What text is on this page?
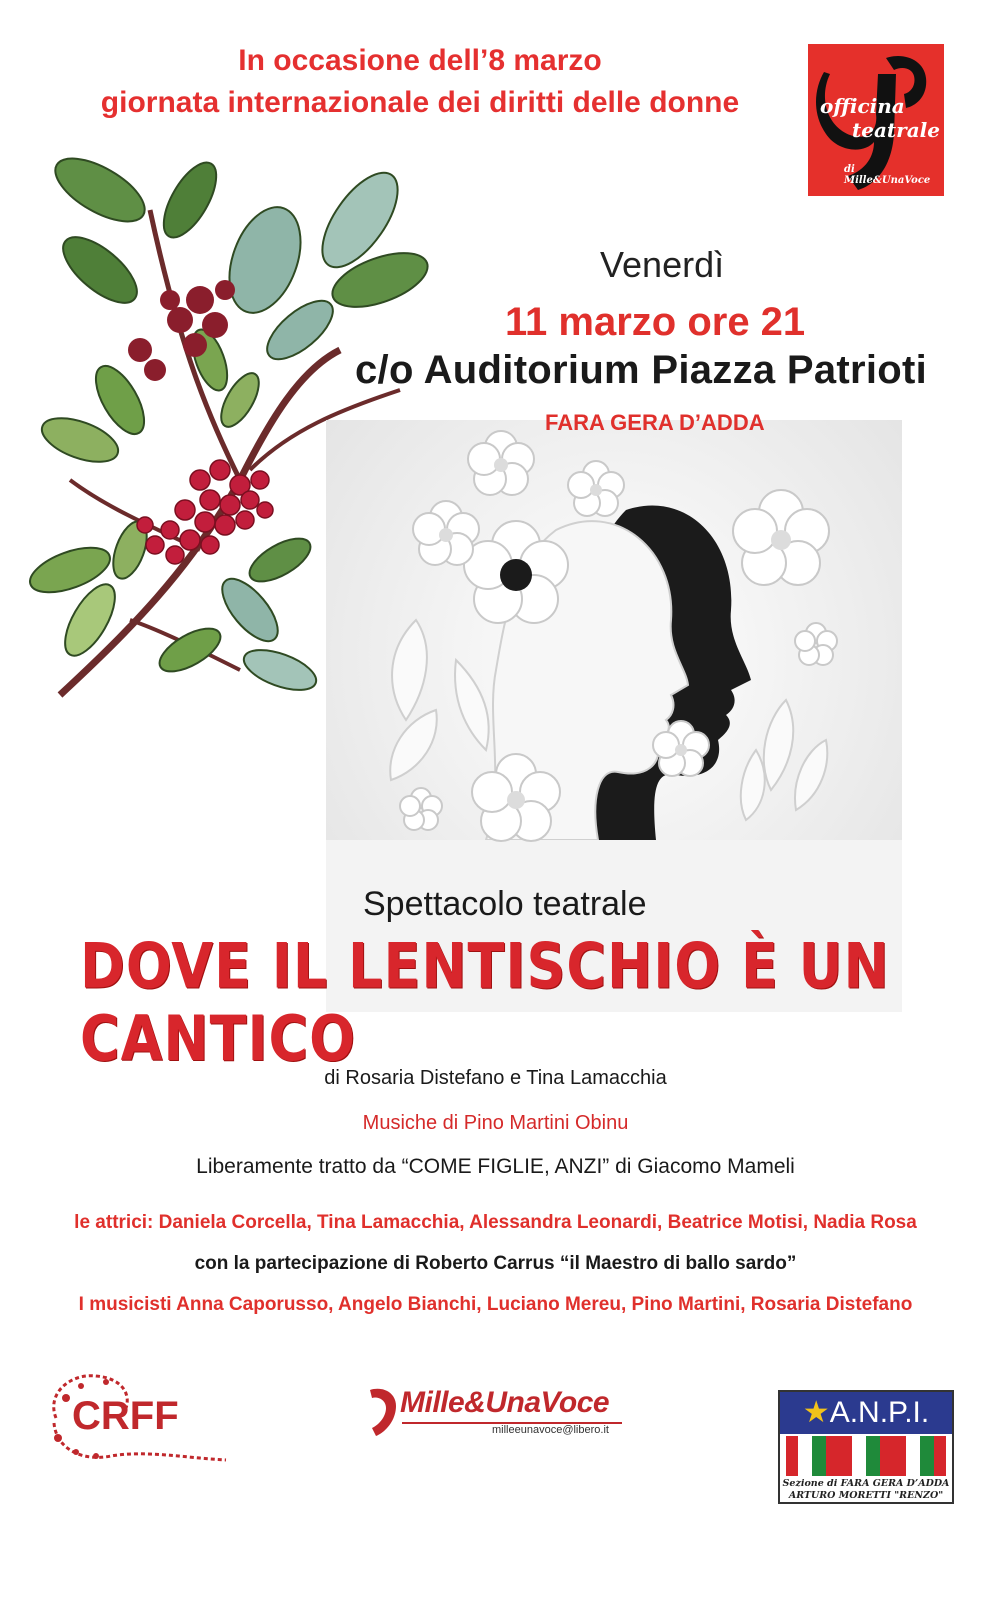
In occasione dell’8 marzo
giornata internazionale dei diritti delle donne	officina
teatrale
di Mille&UnaVoce
Venerdì
11 marzo ore 21
c/o Auditorium Piazza Patrioti
FARA GERA D’ADDA
Spettacolo teatrale
DOVE IL LENTISCHIO È UN CANTICO
di Rosaria Distefano e Tina Lamacchia
Musiche di Pino Martini Obinu
Liberamente tratto da “COME FIGLIE, ANZI” di Giacomo Mameli
le attrici: Daniela Corcella, Tina Lamacchia, Alessandra Leonardi, Beatrice Motisi, Nadia Rosa
con la partecipazione di Roberto Carrus “il Maestro di ballo sardo”
I musicisti Anna Caporusso, Angelo Bianchi, Luciano Mereu, Pino Martini, Rosaria Distefano
CRFF	Mille&UnaVoce
milleeunavoce@libero.it
★A.N.P.I.
Sezione di FARA GERA D’ADDA
ARTURO MORETTI "RENZO"
